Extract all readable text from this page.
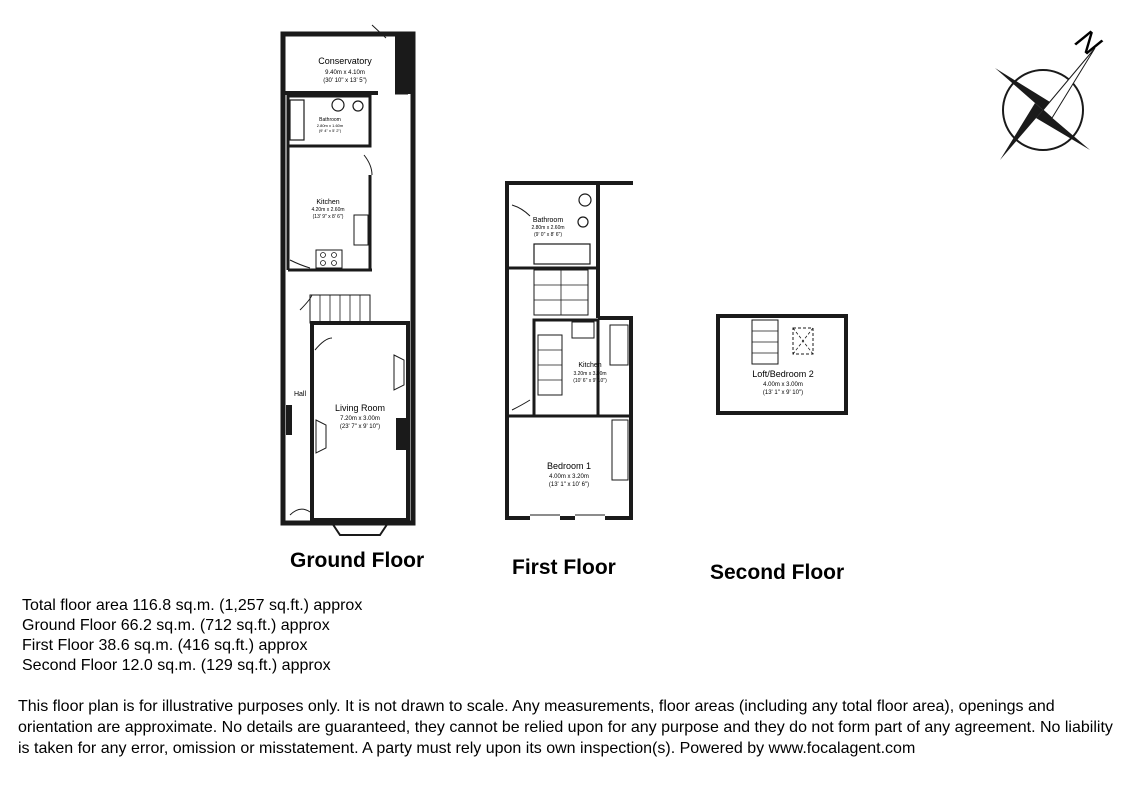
Conservatory
9.40m x 4.10m
(30' 10" x 13' 5")
Bathroom
2.80m x 1.60m
(9' 4" x 5' 2")
Kitchen
4.20m x 2.60m
(13' 9" x 8' 6")
Hall
Living Room
7.20m x 3.00m
(23' 7" x 9' 10")
Bathroom
2.80m x 2.60m
(9' 0" x 8' 6")
Kitchen
3.20m x 3.00m
(10' 6" x 9' 10")
Bedroom 1
4.00m x 3.20m
(13' 1" x 10' 6")
Loft/Bedroom 2
4.00m x 3.00m
(13' 1" x 9' 10")
N
Ground Floor	First Floor	Second Floor
Total floor area 116.8 sq.m. (1,257 sq.ft.) approx
Ground Floor 66.2 sq.m. (712 sq.ft.) approx
First Floor 38.6 sq.m. (416 sq.ft.) approx
Second Floor 12.0 sq.m. (129 sq.ft.) approx
This floor plan is for illustrative purposes only. It is not drawn to scale. Any measurements, floor areas (including any total floor area), openings and orientation are approximate. No details are guaranteed, they cannot be relied upon for any purpose and they do not form part of any agreement. No liability is taken for any error, omission or misstatement. A party must rely upon its own inspection(s). Powered by www.focalagent.com
